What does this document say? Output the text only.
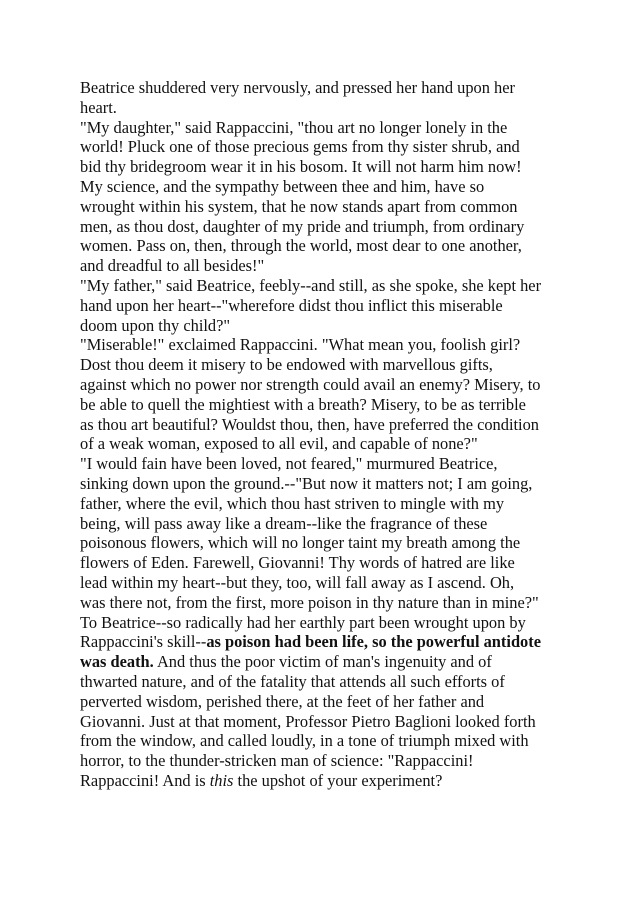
Beatrice shuddered very nervously, and pressed her hand upon her
heart.
"My daughter," said Rappaccini, "thou art no longer lonely in the
world! Pluck one of those precious gems from thy sister shrub, and
bid thy bridegroom wear it in his bosom. It will not harm him now!
My science, and the sympathy between thee and him, have so
wrought within his system, that he now stands apart from common
men, as thou dost, daughter of my pride and triumph, from ordinary
women. Pass on, then, through the world, most dear to one another,
and dreadful to all besides!"
"My father," said Beatrice, feebly--and still, as she spoke, she kept her
hand upon her heart--"wherefore didst thou inflict this miserable
doom upon thy child?"
"Miserable!" exclaimed Rappaccini. "What mean you, foolish girl?
Dost thou deem it misery to be endowed with marvellous gifts,
against which no power nor strength could avail an enemy? Misery, to
be able to quell the mightiest with a breath? Misery, to be as terrible
as thou art beautiful? Wouldst thou, then, have preferred the condition
of a weak woman, exposed to all evil, and capable of none?"
"I would fain have been loved, not feared," murmured Beatrice,
sinking down upon the ground.--"But now it matters not; I am going,
father, where the evil, which thou hast striven to mingle with my
being, will pass away like a dream--like the fragrance of these
poisonous flowers, which will no longer taint my breath among the
flowers of Eden. Farewell, Giovanni! Thy words of hatred are like
lead within my heart--but they, too, will fall away as I ascend. Oh,
was there not, from the first, more poison in thy nature than in mine?"
To Beatrice--so radically had her earthly part been wrought upon by
Rappaccini's skill--as poison had been life, so the powerful antidote
was death. And thus the poor victim of man's ingenuity and of
thwarted nature, and of the fatality that attends all such efforts of
perverted wisdom, perished there, at the feet of her father and
Giovanni. Just at that moment, Professor Pietro Baglioni looked forth
from the window, and called loudly, in a tone of triumph mixed with
horror, to the thunder-stricken man of science: "Rappaccini!
Rappaccini! And is this the upshot of your experiment?
